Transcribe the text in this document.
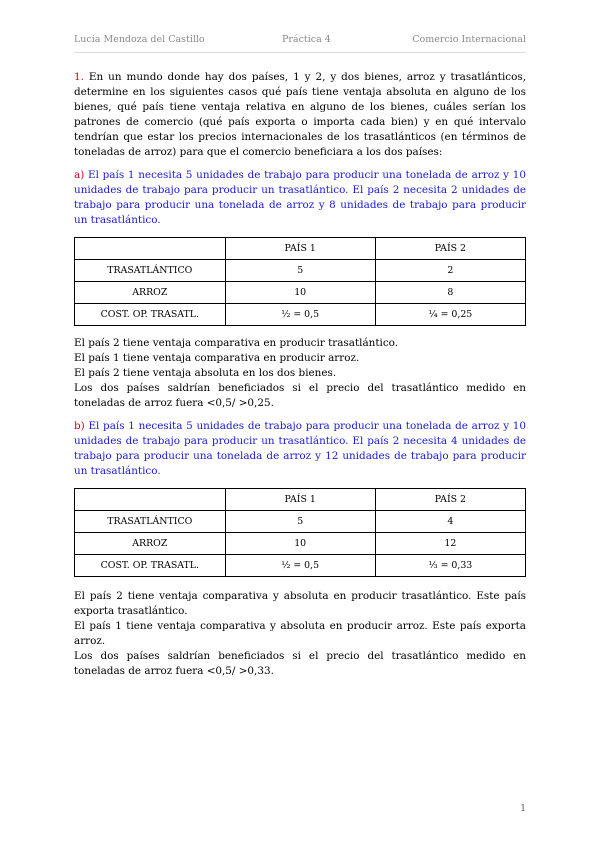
Lucía Mendoza del Castillo	Práctica 4	Comercio Internacional

1. En un mundo donde hay dos países, 1 y 2, y dos bienes, arroz y trasatlánticos, determine en los siguientes casos qué país tiene ventaja absoluta en alguno de los bienes, qué país tiene ventaja relativa en alguno de los bienes, cuáles serían los patrones de comercio (qué país exporta o importa cada bien) y en qué intervalo tendrían que estar los precios internacionales de los trasatlánticos (en términos de toneladas de arroz) para que el comercio beneficiara a los dos países:

a) El país 1 necesita 5 unidades de trabajo para producir una tonelada de arroz y 10 unidades de trabajo para producir un trasatlántico. El país 2 necesita 2 unidades de trabajo para producir una tonelada de arroz y 8 unidades de trabajo para producir un trasatlántico.

	PAÍS 1	PAÍS 2
TRASATLÁNTICO	5	2
ARROZ	10	8
COST. OP. TRASATL.	½ = 0,5	¼ = 0,25

El país 2 tiene ventaja comparativa en producir trasatlántico.

El país 1 tiene ventaja comparativa en producir arroz.

El país 2 tiene ventaja absoluta en los dos bienes.

Los dos países saldrían beneficiados si el precio del trasatlántico medido en toneladas de arroz fuera <0,5/ >0,25.

b) El país 1 necesita 5 unidades de trabajo para producir una tonelada de arroz y 10 unidades de trabajo para producir un trasatlántico. El país 2 necesita 4 unidades de trabajo para producir una tonelada de arroz y 12 unidades de trabajo para producir un trasatlántico.

	PAÍS 1	PAÍS 2
TRASATLÁNTICO	5	4
ARROZ	10	12
COST. OP. TRASATL.	½ = 0,5	⅓ = 0,33

El país 2 tiene ventaja comparativa y absoluta en producir trasatlántico. Este país exporta trasatlántico.

El país 1 tiene ventaja comparativa y absoluta en producir arroz. Este país exporta arroz.

Los dos países saldrían beneficiados si el precio del trasatlántico medido en toneladas de arroz fuera <0,5/ >0,33.

1
